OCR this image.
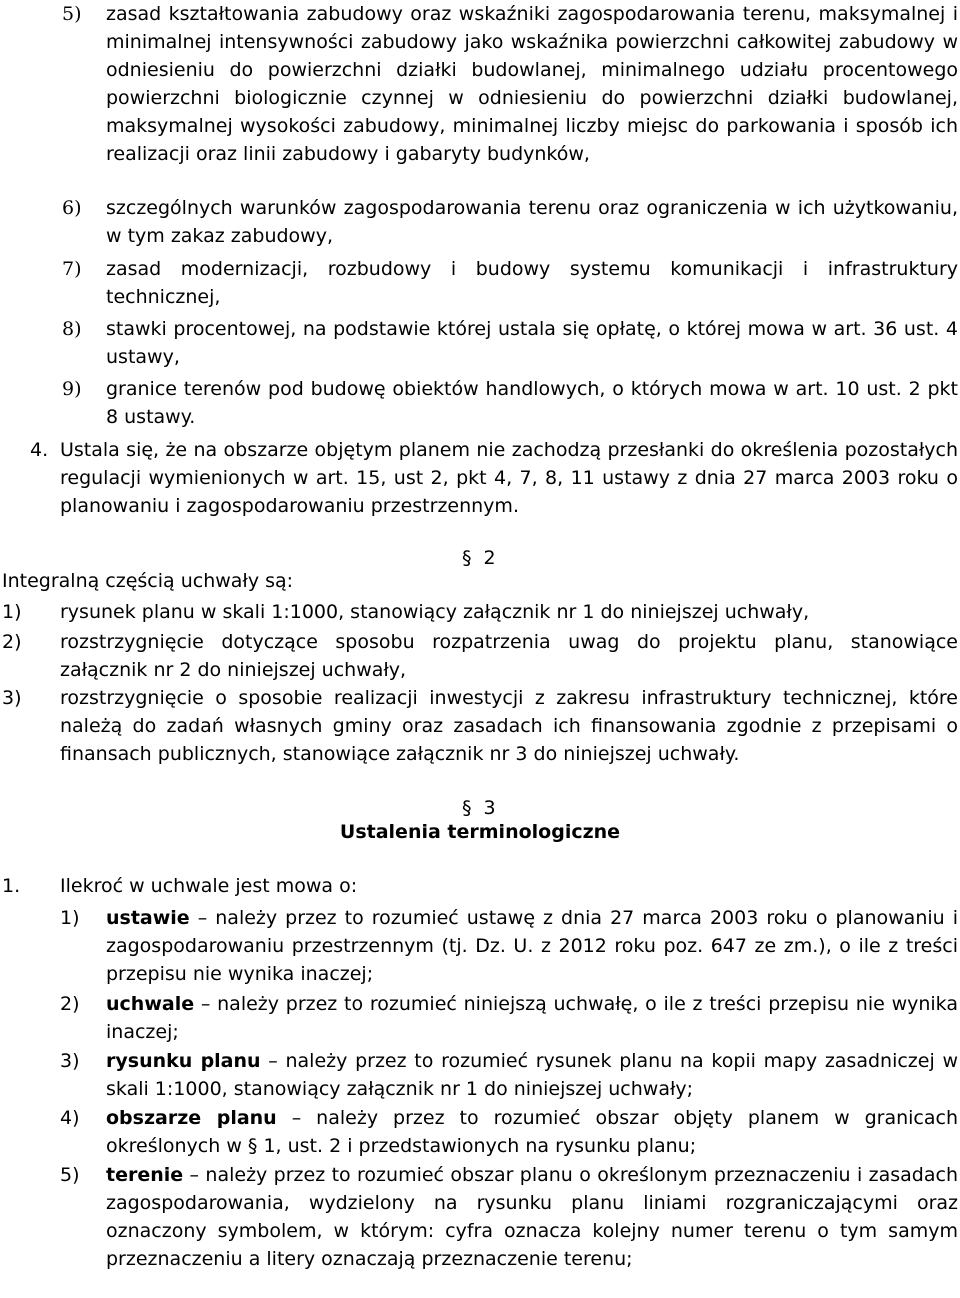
5) zasad kształtowania zabudowy oraz wskaźniki zagospodarowania terenu, maksymalnej i minimalnej intensywności zabudowy jako wskaźnika powierzchni całkowitej zabudowy w odniesieniu do powierzchni działki budowlanej, minimalnego udziału procentowego powierzchni biologicznie czynnej w odniesieniu do powierzchni działki budowlanej, maksymalnej wysokości zabudowy, minimalnej liczby miejsc do parkowania i sposób ich realizacji oraz linii zabudowy i gabaryty budynków,

6) szczególnych warunków zagospodarowania terenu oraz ograniczenia w ich użytkowaniu, w tym zakaz zabudowy,

7) zasad modernizacji, rozbudowy i budowy systemu komunikacji i infrastruktury technicznej,

8) stawki procentowej, na podstawie której ustala się opłatę, o której mowa w art. 36 ust. 4 ustawy,

9) granice terenów pod budowę obiektów handlowych, o których mowa w art. 10 ust. 2 pkt 8 ustawy.

4. Ustala się, że na obszarze objętym planem nie zachodzą przesłanki do określenia pozostałych regulacji wymienionych w art. 15, ust 2, pkt 4, 7, 8, 11 ustawy z dnia 27 marca 2003 roku o planowaniu i zagospodarowaniu przestrzennym.

§ 2

Integralną częścią uchwały są:

1) rysunek planu w skali 1:1000, stanowiący załącznik nr 1 do niniejszej uchwały,

2) rozstrzygnięcie dotyczące sposobu rozpatrzenia uwag do projektu planu, stanowiące załącznik nr 2 do niniejszej uchwały,

3) rozstrzygnięcie o sposobie realizacji inwestycji z zakresu infrastruktury technicznej, które należą do zadań własnych gminy oraz zasadach ich finansowania zgodnie z przepisami o finansach publicznych, stanowiące załącznik nr 3 do niniejszej uchwały.

§ 3
Ustalenia terminologiczne
1. Ilekroć w uchwale jest mowa o:

1) ustawie – należy przez to rozumieć ustawę z dnia 27 marca 2003 roku o planowaniu i zagospodarowaniu przestrzennym (tj. Dz. U. z 2012 roku poz. 647 ze zm.), o ile z treści przepisu nie wynika inaczej;

2) uchwale – należy przez to rozumieć niniejszą uchwałę, o ile z treści przepisu nie wynika inaczej;

3) rysunku planu – należy przez to rozumieć rysunek planu na kopii mapy zasadniczej w skali 1:1000, stanowiący załącznik nr 1 do niniejszej uchwały;

4) obszarze planu – należy przez to rozumieć obszar objęty planem w granicach określonych w § 1, ust. 2 i przedstawionych na rysunku planu;

5) terenie – należy przez to rozumieć obszar planu o określonym przeznaczeniu i zasadach zagospodarowania, wydzielony na rysunku planu liniami rozgraniczającymi oraz oznaczony symbolem, w którym: cyfra oznacza kolejny numer terenu o tym samym przeznaczeniu a litery oznaczają przeznaczenie terenu;
